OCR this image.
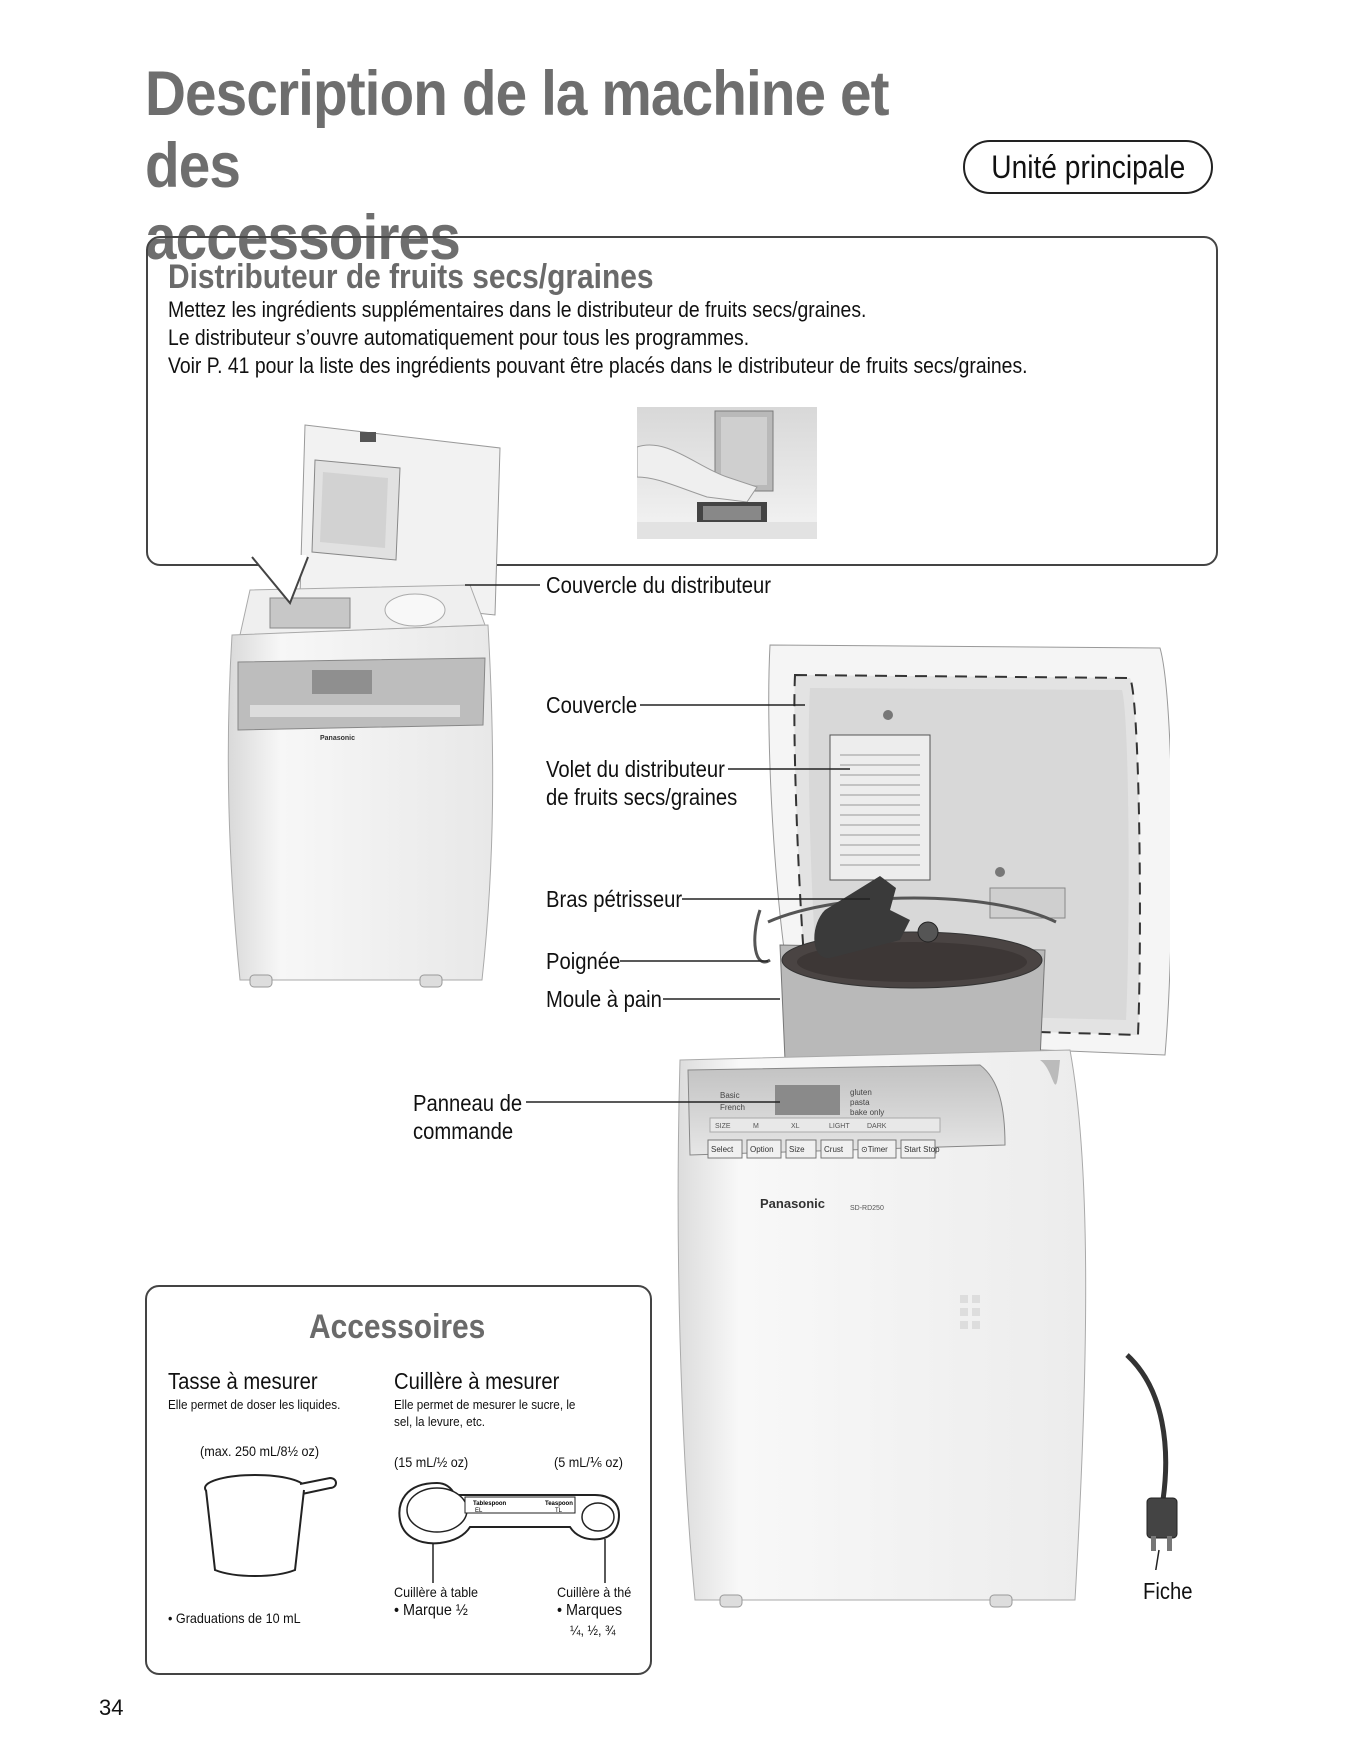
Description de la machine et des
accessoires
Unité principale
Distributeur de fruits secs/graines
Mettez les ingrédients supplémentaires dans le distributeur de fruits secs/graines.
Le distributeur s’ouvre automatiquement pour tous les programmes.
Voir P. 41 pour la liste des ingrédients pouvant être placés dans le distributeur de fruits secs/graines.
Panasonic
Basic
French
gluten
pasta
bake only
Select Option Size Crust ⊙Timer Start Stop
SIZE	M	XL	LIGHT DARK
Panasonic	SD-RD250
Couvercle du distributeur
Couvercle
Volet du distributeur
de fruits secs/graines
Bras pétrisseur
Poignée
Moule à pain
Panneau de
commande
Fiche
Accessoires
Tasse à mesurer
Elle permet de doser les liquides.
(max. 250 mL/8½ oz)
• Graduations de 10 mL
Cuillère à mesurer
Elle permet de mesurer le sucre, le
sel, la levure, etc.
(15 mL/½ oz)	(5 mL/⅙ oz)
Tablespoon
EL
Teaspoon
TL
Cuillère à table
• Marque ½
Cuillère à thé
• Marques
¼, ½, ¾
34
